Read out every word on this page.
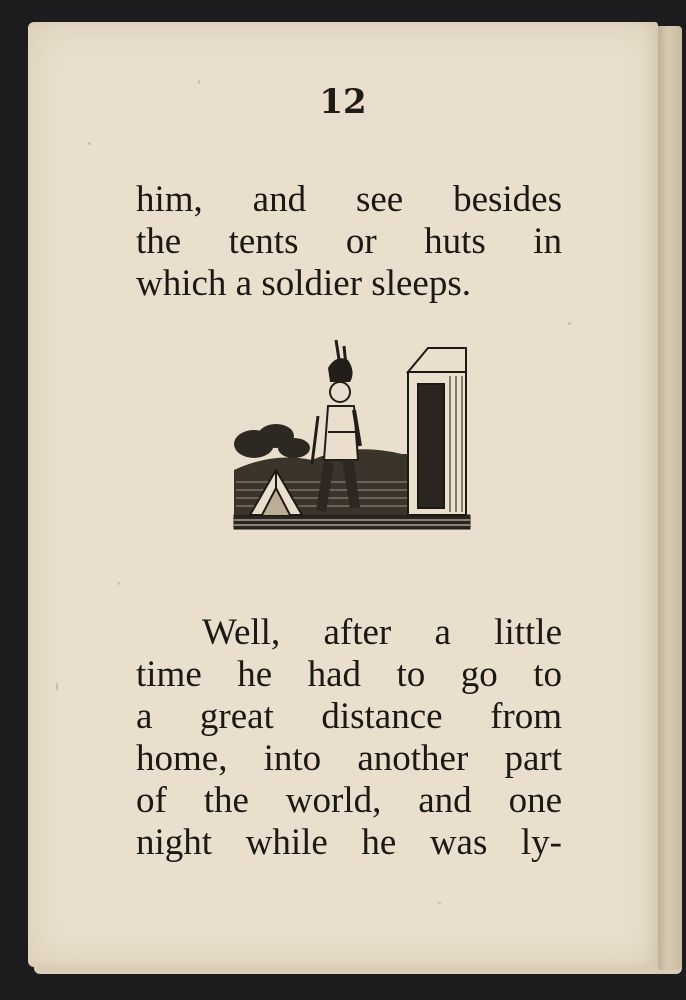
12
him, and see besides
the tents or huts in
which a soldier sleeps.
Well, after a little
time he had to go to
a great distance from
home, into another part
of the world, and one
night while he was ly-
